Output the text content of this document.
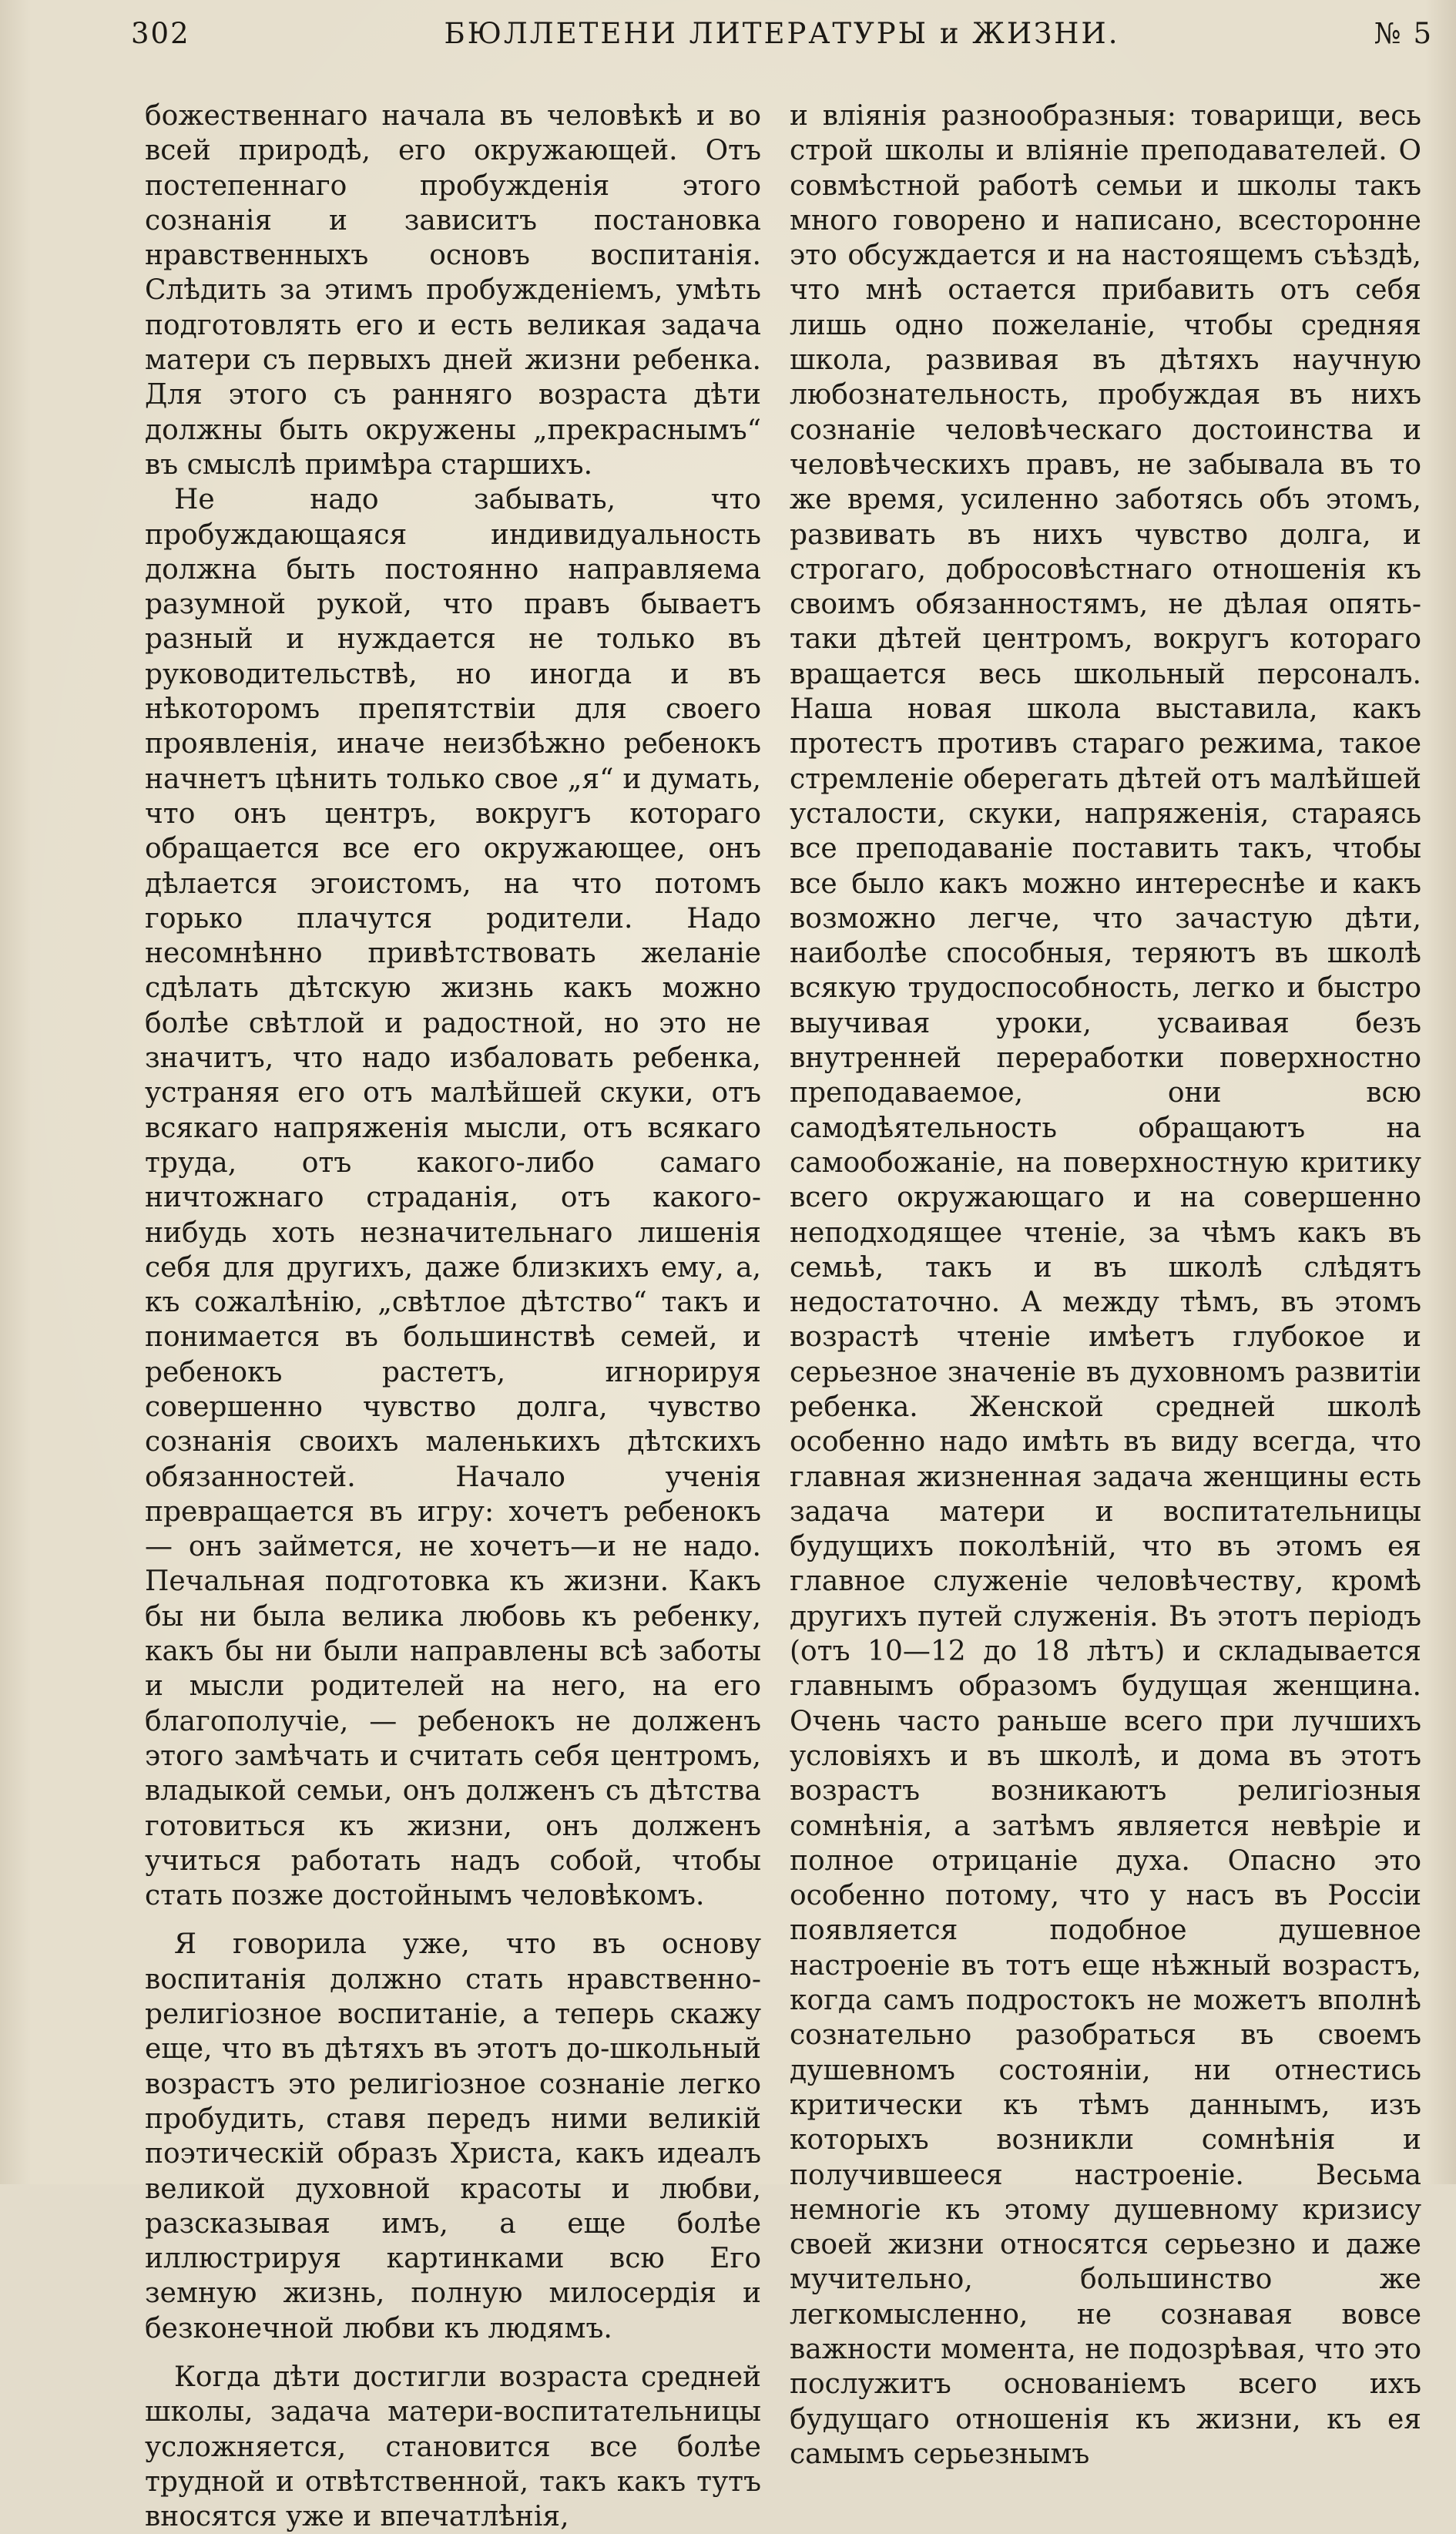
302	БЮЛЛЕТЕНИ ЛИТЕРАТУРЫ и ЖИЗНИ.	№ 5

божественнаго начала въ человѣкѣ и во всей природѣ, его окружающей. Отъ постепеннаго пробужденія этого сознанія и зависитъ постановка нравственныхъ основъ воспитанія. Слѣдить за этимъ пробужденіемъ, умѣть подготовлять его и есть великая задача матери съ первыхъ дней жизни ребенка. Для этого съ ранняго возраста дѣти должны быть окружены „прекраснымъ“ въ смыслѣ примѣра старшихъ.

Не надо забывать, что пробуждающаяся индивидуальность должна быть постоянно направляема разумной рукой, что правъ бываетъ разный и нуждается не только въ руководительствѣ, но иногда и въ нѣкоторомъ препятствіи для своего проявленія, иначе неизбѣжно ребенокъ начнетъ цѣнить только свое „я“ и думать, что онъ центръ, вокругъ котораго обращается все его окружающее, онъ дѣлается эгоистомъ, на что потомъ горько плачутся родители. Надо несомнѣнно привѣтствовать желаніе сдѣлать дѣтскую жизнь какъ можно болѣе свѣтлой и радостной, но это не значитъ, что надо избаловать ребенка, устраняя его отъ малѣйшей скуки, отъ всякаго напряженія мысли, отъ всякаго труда, отъ какого-либо самаго ничтожнаго страданія, отъ какого-нибудь хоть незначительнаго лишенія себя для другихъ, даже близкихъ ему, а, къ сожалѣнію, „свѣтлое дѣтство“ такъ и понимается въ большинствѣ семей, и ребенокъ растетъ, игнорируя совершенно чувство долга, чувство сознанія своихъ маленькихъ дѣтскихъ обязанностей. Начало ученія превращается въ игру: хочетъ ребенокъ— онъ займется, не хочетъ—и не надо. Печальная подготовка къ жизни. Какъ бы ни была велика любовь къ ребенку, какъ бы ни были направлены всѣ заботы и мысли родителей на него, на его благополучіе, — ребенокъ не долженъ этого замѣчать и считать себя центромъ, владыкой семьи, онъ долженъ съ дѣтства готовиться къ жизни, онъ долженъ учиться работать надъ собой, чтобы стать позже достойнымъ человѣкомъ.

Я говорила уже, что въ основу воспитанія должно стать нравственно-религіозное воспитаніе, а теперь скажу еще, что въ дѣтяхъ въ этотъ до-школьный возрастъ это религіозное сознаніе легко пробудить, ставя передъ ними великій поэтическій образъ Христа, какъ идеалъ великой духовной красоты и любви, разсказывая имъ, а еще болѣе иллюстрируя картинками всю Его земную жизнь, полную милосердія и безконечной любви къ людямъ.

Когда дѣти достигли возраста средней школы, задача матери-воспитательницы усложняется, становится все болѣе трудной и отвѣтственной, такъ какъ тутъ вносятся уже и впечатлѣнія,

и вліянія разнообразныя: товарищи, весь строй школы и вліяніе преподавателей. О совмѣстной работѣ семьи и школы такъ много говорено и написано, всесторонне это обсуждается и на настоящемъ съѣздѣ, что мнѣ остается прибавить отъ себя лишь одно пожеланіе, чтобы средняя школа, развивая въ дѣтяхъ научную любознательность, пробуждая въ нихъ сознаніе человѣческаго достоинства и человѣческихъ правъ, не забывала въ то же время, усиленно заботясь объ этомъ, развивать въ нихъ чувство долга, и строгаго, добросовѣстнаго отношенія къ своимъ обязанностямъ, не дѣлая опять-таки дѣтей центромъ, вокругъ котораго вращается весь школьный персоналъ. Наша новая школа выставила, какъ протестъ противъ стараго режима, такое стремленіе оберегать дѣтей отъ малѣйшей усталости, скуки, напряженія, стараясь все преподаваніе поставить такъ, чтобы все было какъ можно интереснѣе и какъ возможно легче, что зачастую дѣти, наиболѣе способныя, теряютъ въ школѣ всякую трудоспособность, легко и быстро выучивая уроки, усваивая безъ внутренней переработки поверхностно преподаваемое, они всю самодѣятельность обращаютъ на самообожаніе, на поверхностную критику всего окружающаго и на совершенно неподходящее чтеніе, за чѣмъ какъ въ семьѣ, такъ и въ школѣ слѣдятъ недостаточно. А между тѣмъ, въ этомъ возрастѣ чтеніе имѣетъ глубокое и серьезное значеніе въ духовномъ развитіи ребенка. Женской средней школѣ особенно надо имѣть въ виду всегда, что главная жизненная задача женщины есть задача матери и воспитательницы будущихъ поколѣній, что въ этомъ ея главное служеніе человѣчеству, кромѣ другихъ путей служенія. Въ этотъ періодъ (отъ 10—12 до 18 лѣтъ) и складывается главнымъ образомъ будущая женщина. Очень часто раньше всего при лучшихъ условіяхъ и въ школѣ, и дома въ этотъ возрастъ возникаютъ религіозныя сомнѣнія, а затѣмъ является невѣріе и полное отрицаніе духа. Опасно это особенно потому, что у насъ въ Россіи появляется подобное душевное настроеніе въ тотъ еще нѣжный возрастъ, когда самъ подростокъ не можетъ вполнѣ сознательно разобраться въ своемъ душевномъ состояніи, ни отнестись критически къ тѣмъ даннымъ, изъ которыхъ возникли сомнѣнія и получившееся настроеніе. Весьма немногіе къ этому душевному кризису своей жизни относятся серьезно и даже мучительно, большинство же легкомысленно, не сознавая вовсе важности момента, не подозрѣвая, что это послужитъ основаніемъ всего ихъ будущаго отношенія къ жизни, къ ея самымъ серьезнымъ
